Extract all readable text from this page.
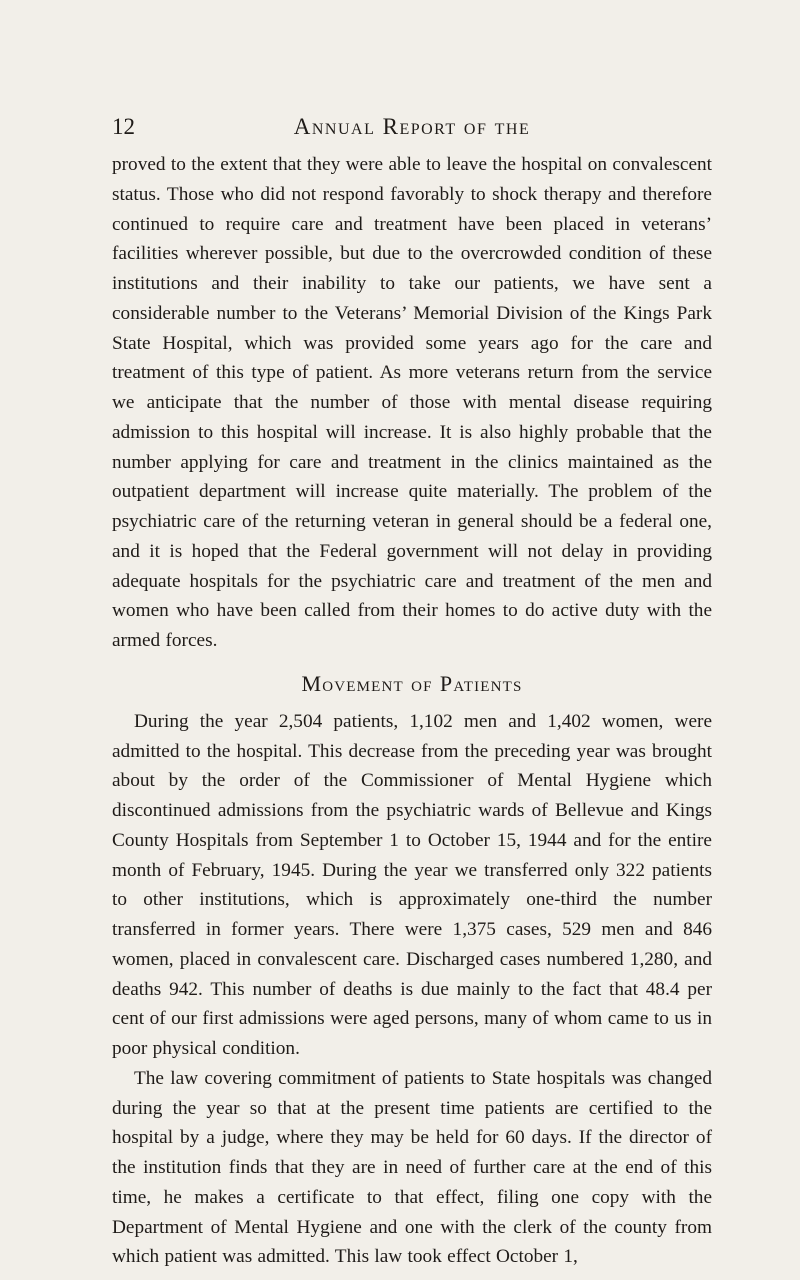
12	Annual Report of the

proved to the extent that they were able to leave the hospital on convalescent status. Those who did not respond favorably to shock therapy and therefore continued to require care and treatment have been placed in veterans’ facilities wherever possible, but due to the overcrowded condition of these institutions and their inability to take our patients, we have sent a considerable number to the Veterans’ Memorial Division of the Kings Park State Hospital, which was provided some years ago for the care and treatment of this type of patient. As more veterans return from the service we anticipate that the number of those with mental disease requiring admission to this hospital will increase. It is also highly probable that the number applying for care and treatment in the clinics maintained as the outpatient department will increase quite materially. The problem of the psychiatric care of the returning veteran in general should be a federal one, and it is hoped that the Federal government will not delay in providing adequate hospitals for the psychiatric care and treatment of the men and women who have been called from their homes to do active duty with the armed forces.

Movement of Patients

During the year 2,504 patients, 1,102 men and 1,402 women, were admitted to the hospital. This decrease from the preceding year was brought about by the order of the Commissioner of Mental Hygiene which discontinued admissions from the psychiatric wards of Bellevue and Kings County Hospitals from September 1 to October 15, 1944 and for the entire month of February, 1945. During the year we transferred only 322 patients to other institutions, which is approximately one-third the number transferred in former years. There were 1,375 cases, 529 men and 846 women, placed in convalescent care. Discharged cases numbered 1,280, and deaths 942. This number of deaths is due mainly to the fact that 48.4 per cent of our first admissions were aged persons, many of whom came to us in poor physical condition.

The law covering commitment of patients to State hospitals was changed during the year so that at the present time patients are certified to the hospital by a judge, where they may be held for 60 days. If the director of the institution finds that they are in need of further care at the end of this time, he makes a certificate to that effect, filing one copy with the Department of Mental Hygiene and one with the clerk of the county from which patient was admitted. This law took effect October 1,
